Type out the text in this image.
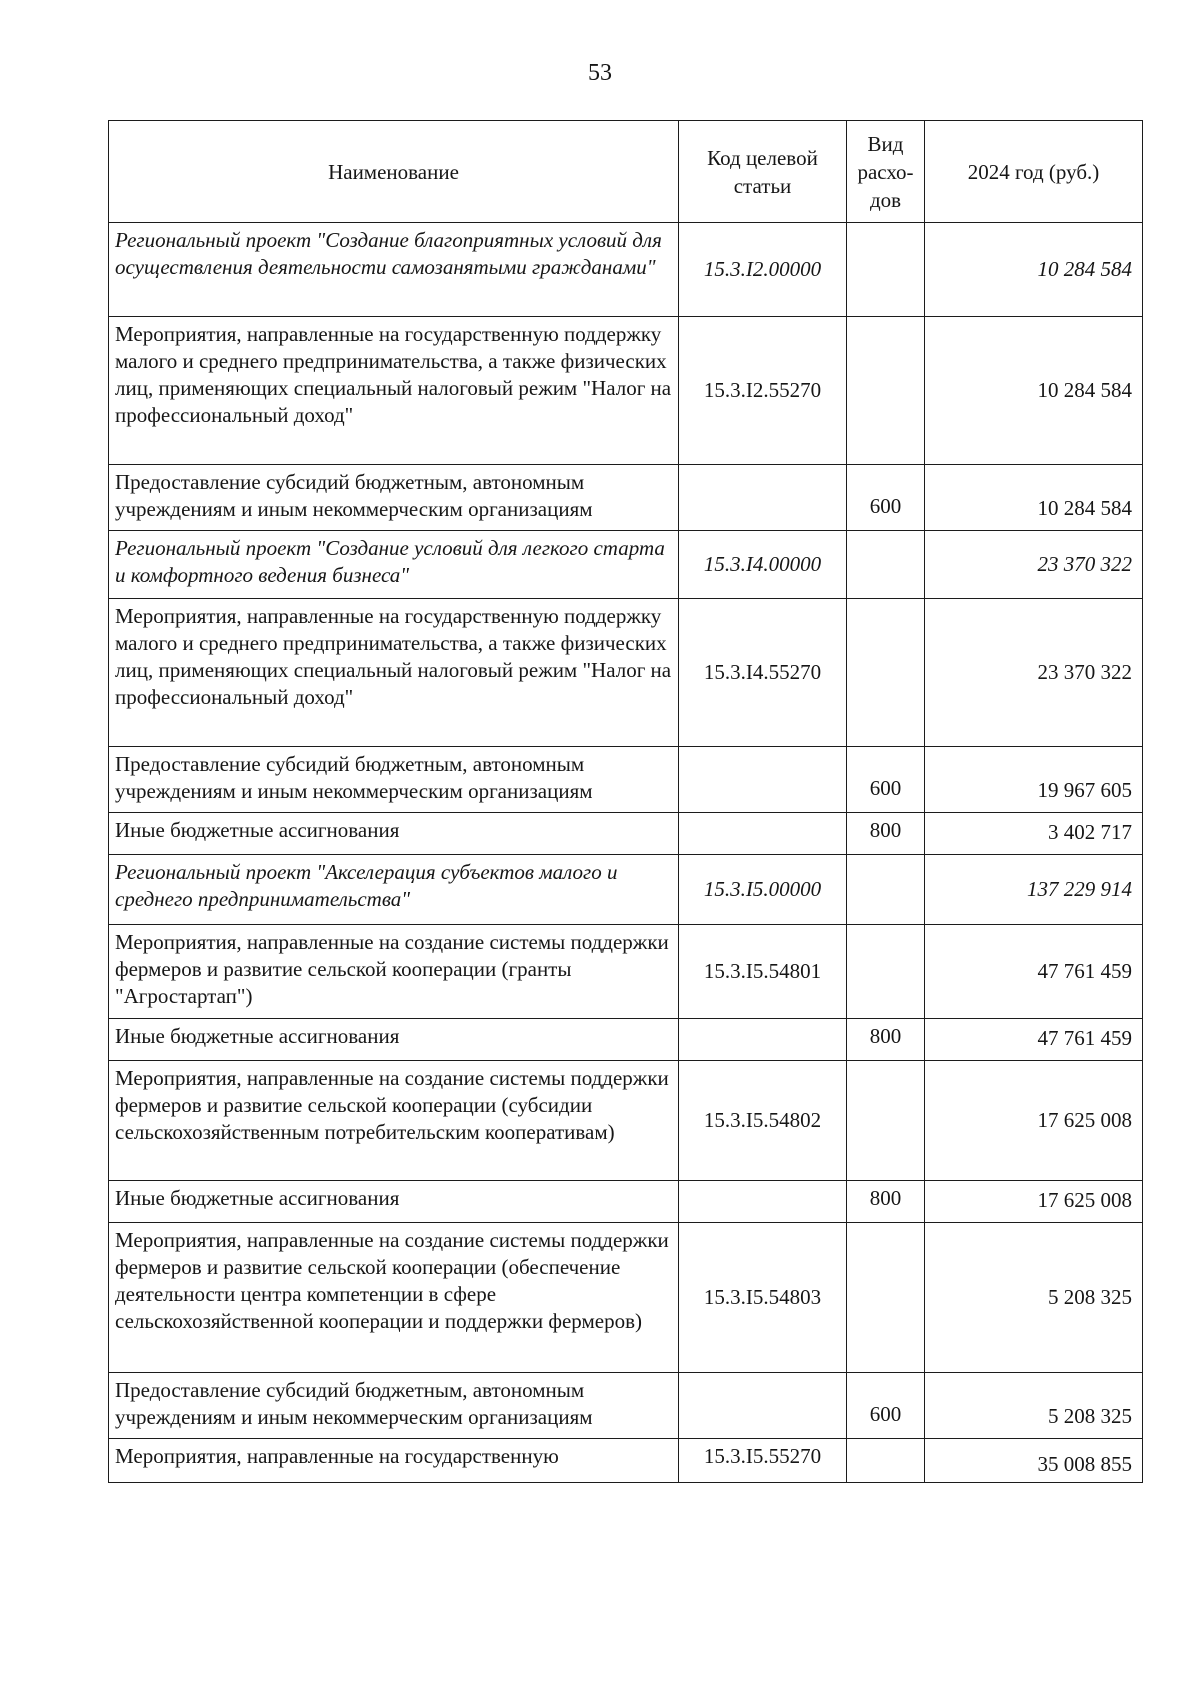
53
Наименование	Код целевой статьи	Вид расхо-дов	2024 год (руб.)
Региональный проект "Создание благоприятных условий для осуществления деятельности самозанятыми гражданами"	15.3.I2.00000		10 284 584
Мероприятия, направленные на государственную поддержку малого и среднего предпринимательства, а также физических лиц, применяющих специальный налоговый режим "Налог на профессиональный доход"	15.3.I2.55270		10 284 584
Предоставление субсидий бюджетным, автономным учреждениям и иным некоммерческим организациям		600	10 284 584
Региональный проект "Создание условий для легкого старта и комфортного ведения бизнеса"	15.3.I4.00000		23 370 322
Мероприятия, направленные на государственную поддержку малого и среднего предпринимательства, а также физических лиц, применяющих специальный налоговый режим "Налог на профессиональный доход"	15.3.I4.55270		23 370 322
Предоставление субсидий бюджетным, автономным учреждениям и иным некоммерческим организациям		600	19 967 605
Иные бюджетные ассигнования		800	3 402 717
Региональный проект "Акселерация субъектов малого и среднего предпринимательства"	15.3.I5.00000		137 229 914
Мероприятия, направленные на создание системы поддержки фермеров и развитие сельской кооперации (гранты "Агростартап")	15.3.I5.54801		47 761 459
Иные бюджетные ассигнования		800	47 761 459
Мероприятия, направленные на создание системы поддержки фермеров и развитие сельской кооперации (субсидии сельскохозяйственным потребительским кооперативам)	15.3.I5.54802		17 625 008
Иные бюджетные ассигнования		800	17 625 008
Мероприятия, направленные на создание системы поддержки фермеров и развитие сельской кооперации (обеспечение деятельности центра компетенции в сфере сельскохозяйственной кооперации и поддержки фермеров)	15.3.I5.54803		5 208 325
Предоставление субсидий бюджетным, автономным учреждениям и иным некоммерческим организациям		600	5 208 325
Мероприятия, направленные на государственную	15.3.I5.55270		35 008 855
